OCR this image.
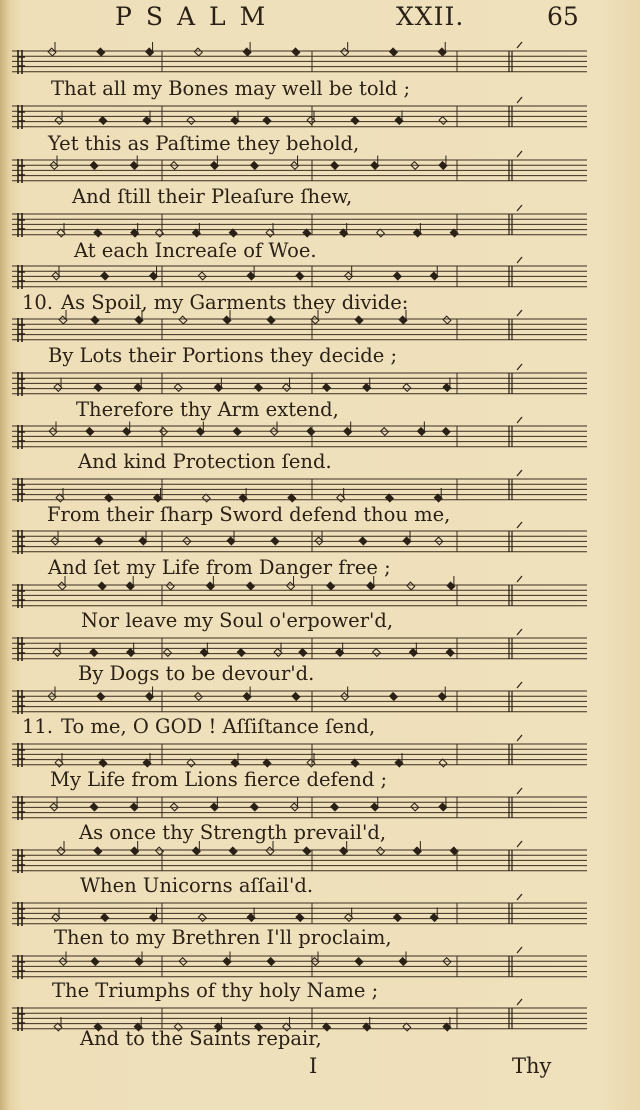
PSALM	XXII.	65

That all my Bones may well be told ;
Yet this as Paſtime they behold,
And ſtill their Pleaſure ſhew,
At each Increaſe of Woe.
10. As Spoil, my Garments they divide:
By Lots their Portions they decide ;
Therefore thy Arm extend,
And kind Protection ſend.
From their ſharp Sword defend thou me,
And ſet my Life from Danger free ;
Nor leave my Soul o'erpower'd,
By Dogs to be devour'd.
11. To me, O GOD ! Aſſiſtance ſend,
My Life from Lions fierce defend ;
As once thy Strength prevail'd,
When Unicorns aſſail'd.
Then to my Brethren I'll proclaim,
The Triumphs of thy holy Name ;
And to the Saints repair,
I	Thy
